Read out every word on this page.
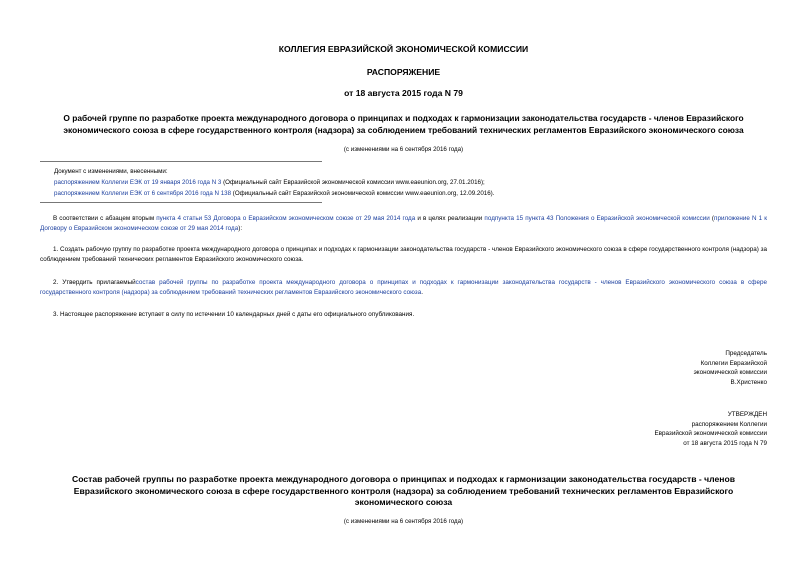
КОЛЛЕГИЯ ЕВРАЗИЙСКОЙ ЭКОНОМИЧЕСКОЙ КОМИССИИ
РАСПОРЯЖЕНИЕ
от 18 августа 2015 года N 79
О рабочей группе по разработке проекта международного договора о принципах и подходах к гармонизации законодательства государств - членов Евразийского экономического союза в сфере государственного контроля (надзора) за соблюдением требований технических регламентов Евразийского экономического союза
(с изменениями на 6 сентября 2016 года)
Документ с изменениями, внесенными:
распоряжением Коллегии ЕЭК от 19 января 2016 года N 3 (Официальный сайт Евразийской экономической комиссии www.eaeunion.org, 27.01.2016);
распоряжением Коллегии ЕЭК от 6 сентября 2016 года N 138 (Официальный сайт Евразийской экономической комиссии www.eaeunion.org, 12.09.2016).
В соответствии с абзацем вторым пункта 4 статьи 53 Договора о Евразийском экономическом союзе от 29 мая 2014 года и в целях реализации подпункта 15 пункта 43 Положения о Евразийской экономической комиссии (приложение N 1 к Договору о Евразийском экономическом союзе от 29 мая 2014 года):
1. Создать рабочую группу по разработке проекта международного договора о принципах и подходах к гармонизации законодательства государств - членов Евразийского экономического союза в сфере государственного контроля (надзора) за соблюдением требований технических регламентов Евразийского экономического союза.
2. Утвердить прилагаемыйсостав рабочей группы по разработке проекта международного договора о принципах и подходах к гармонизации законодательства государств - членов Евразийского экономического союза в сфере государственного контроля (надзора) за соблюдением требований технических регламентов Евразийского экономического союза.
3. Настоящее распоряжение вступает в силу по истечении 10 календарных дней с даты его официального опубликования.
Председатель
Коллегии Евразийской
экономической комиссии
В.Христенко
УТВЕРЖДЕН
распоряжением Коллегии
Евразийской экономической комиссии
от 18 августа 2015 года N 79
Состав рабочей группы по разработке проекта международного договора о принципах и подходах к гармонизации законодательства государств - членов Евразийского экономического союза в сфере государственного контроля (надзора) за соблюдением требований технических регламентов Евразийского экономического союза
(с изменениями на 6 сентября 2016 года)
